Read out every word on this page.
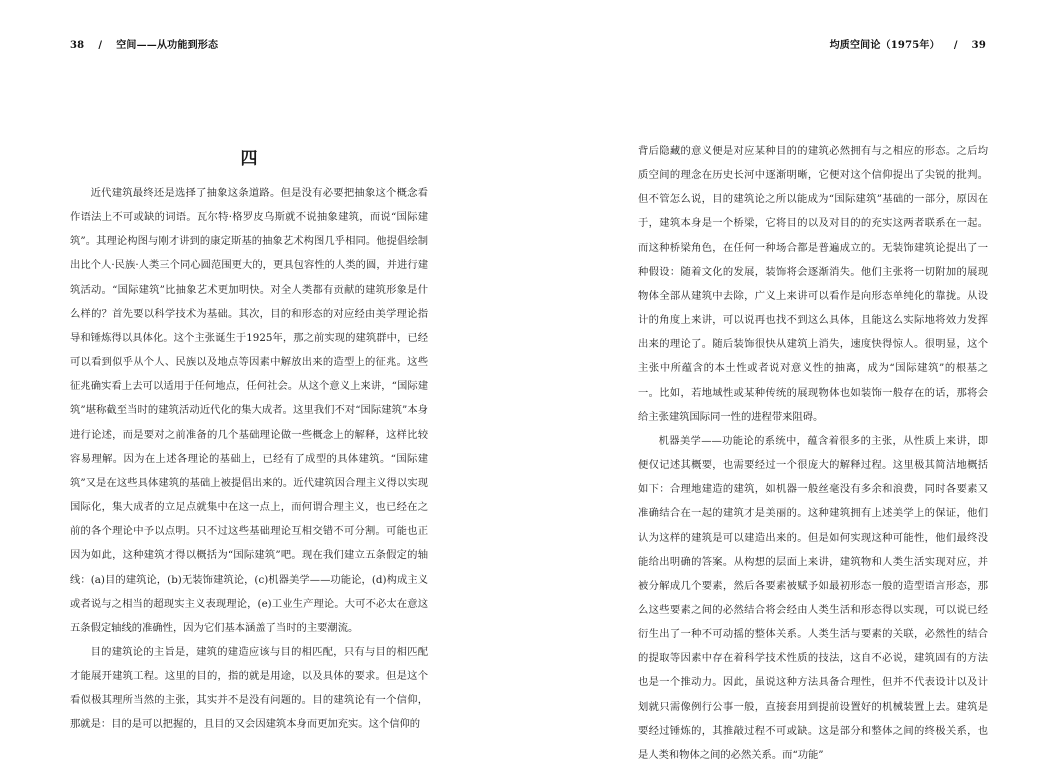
38 / 空间——从功能到形态
四

近代建筑最终还是选择了抽象这条道路。但是没有必要把抽象这个概念看作语法上不可或缺的词语。瓦尔特·格罗皮乌斯就不说抽象建筑，而说“国际建筑”。其理论构图与刚才讲到的康定斯基的抽象艺术构图几乎相同。他提倡绘制出比个人·民族·人类三个同心圆范围更大的，更具包容性的人类的圆，并进行建筑活动。“国际建筑”比抽象艺术更加明快。对全人类都有贡献的建筑形象是什么样的？首先要以科学技术为基础。其次，目的和形态的对应经由美学理论指导和锤炼得以具体化。这个主张诞生于1925年，那之前实现的建筑群中，已经可以看到似乎从个人、民族以及地点等因素中解放出来的造型上的征兆。这些征兆确实看上去可以适用于任何地点，任何社会。从这个意义上来讲，“国际建筑”堪称截至当时的建筑活动近代化的集大成者。这里我们不对“国际建筑”本身进行论述，而是要对之前准备的几个基础理论做一些概念上的解释，这样比较容易理解。因为在上述各理论的基础上，已经有了成型的具体建筑。“国际建筑”又是在这些具体建筑的基础上被提倡出来的。近代建筑因合理主义得以实现国际化，集大成者的立足点就集中在这一点上，而何谓合理主义，也已经在之前的各个理论中予以点明。只不过这些基础理论互相交错不可分割。可能也正因为如此，这种建筑才得以概括为“国际建筑”吧。现在我们建立五条假定的轴线：(a)目的建筑论，(b)无装饰建筑论，(c)机器美学——功能论，(d)构成主义或者说与之相当的超现实主义表现理论，(e)工业生产理论。大可不必太在意这五条假定轴线的准确性，因为它们基本涵盖了当时的主要潮流。

目的建筑论的主旨是，建筑的建造应该与目的相匹配，只有与目的相匹配才能展开建筑工程。这里的目的，指的就是用途，以及具体的要求。但是这个看似极其理所当然的主张，其实并不是没有问题的。目的建筑论有一个信仰，那就是：目的是可以把握的，且目的又会因建筑本身而更加充实。这个信仰的

均质空间论（1975年） / 39

背后隐藏的意义便是对应某种目的的建筑必然拥有与之相应的形态。之后均质空间的理念在历史长河中逐渐明晰，它便对这个信仰提出了尖锐的批判。但不管怎么说，目的建筑论之所以能成为“国际建筑”基础的一部分，原因在于，建筑本身是一个桥梁，它将目的以及对目的的充实这两者联系在一起。而这种桥梁角色，在任何一种场合都是普遍成立的。无装饰建筑论提出了一种假设：随着文化的发展，装饰将会逐渐消失。他们主张将一切附加的展现物体全部从建筑中去除，广义上来讲可以看作是向形态单纯化的靠拢。从设计的角度上来讲，可以说再也找不到这么具体，且能这么实际地将效力发挥出来的理论了。随后装饰很快从建筑上消失，速度快得惊人。很明显，这个主张中所蕴含的本土性或者说对意义性的抽离，成为“国际建筑”的根基之一。比如，若地域性或某种传统的展现物体也如装饰一般存在的话，那将会给主张建筑国际同一性的进程带来阻碍。

机器美学——功能论的系统中，蕴含着很多的主张，从性质上来讲，即便仅记述其概要，也需要经过一个很庞大的解释过程。这里极其简洁地概括如下：合理地建造的建筑，如机器一般丝毫没有多余和浪费，同时各要素又准确结合在一起的建筑才是美丽的。这种建筑拥有上述美学上的保证，他们认为这样的建筑是可以建造出来的。但是如何实现这种可能性，他们最终没能给出明确的答案。从构想的层面上来讲，建筑物和人类生活实现对应，并被分解成几个要素，然后各要素被赋予如最初形态一般的造型语言形态，那么这些要素之间的必然结合将会经由人类生活和形态得以实现，可以说已经衍生出了一种不可动摇的整体关系。人类生活与要素的关联，必然性的结合的提取等因素中存在着科学技术性质的技法，这自不必说，建筑固有的方法也是一个推动力。因此，虽说这种方法具备合理性，但并不代表设计以及计划就只需像例行公事一般，直接套用到提前设置好的机械装置上去。建筑是要经过锤炼的，其推敲过程不可或缺。这是部分和整体之间的终极关系，也是人类和物体之间的必然关系。而“功能”
